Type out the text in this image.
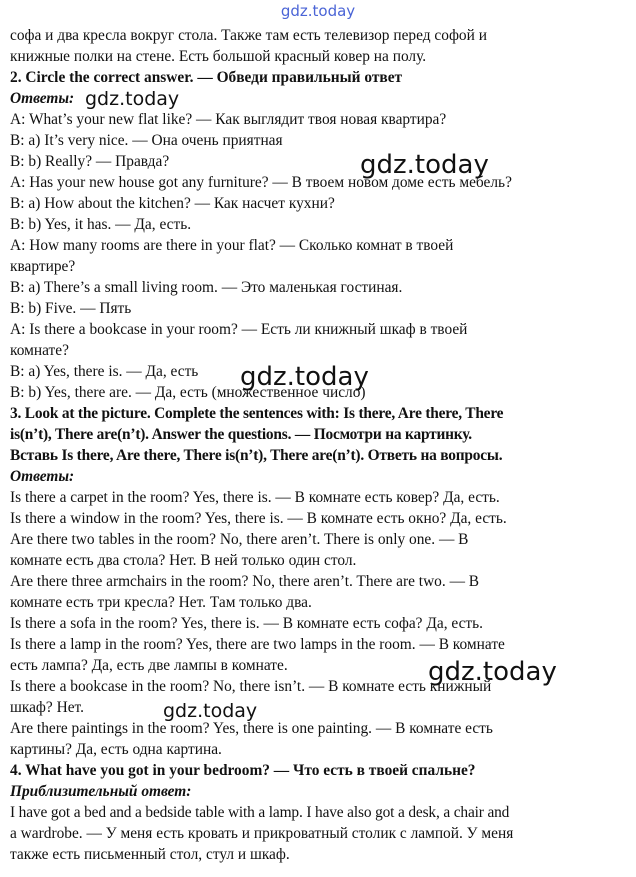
gdz.today
софа и два кресла вокруг стола. Также там есть телевизор перед софой и
книжные полки на стене. Есть большой красный ковер на полу.
2. Circle the correct answer. — Обведи правильный ответ
Ответы:
A: What’s your new flat like? — Как выглядит твоя новая квартира?
B: a) It’s very nice. — Она очень приятная
B: b) Really? — Правда?
A: Has your new house got any furniture? — В твоем новом доме есть мебель?
B: a) How about the kitchen? — Как насчет кухни?
B: b) Yes, it has. — Да, есть.
A: How many rooms are there in your flat? — Сколько комнат в твоей
квартире?
B: a) There’s a small living room. — Это маленькая гостиная.
B: b) Five. — Пять
A: Is there a bookcase in your room? — Есть ли книжный шкаф в твоей
комнате?
B: a) Yes, there is. — Да, есть
B: b) Yes, there are. — Да, есть (множественное число)
3. Look at the picture. Complete the sentences with: Is there, Are there, There
is(n’t), There are(n’t). Answer the questions. — Посмотри на картинку.
Вставь Is there, Are there, There is(n’t), There are(n’t). Ответь на вопросы.
Ответы:
Is there a carpet in the room? Yes, there is. — В комнате есть ковер? Да, есть.
Is there a window in the room? Yes, there is. — В комнате есть окно? Да, есть.
Are there two tables in the room? No, there aren’t. There is only one. — В
комнате есть два стола? Нет. В ней только один стол.
Are there three armchairs in the room? No, there aren’t. There are two. — В
комнате есть три кресла? Нет. Там только два.
Is there a sofa in the room? Yes, there is. — В комнате есть софа? Да, есть.
Is there a lamp in the room? Yes, there are two lamps in the room. — В комнате
есть лампа? Да, есть две лампы в комнате.
Is there a bookcase in the room? No, there isn’t. — В комнате есть книжный
шкаф? Нет.
Are there paintings in the room? Yes, there is one painting. — В комнате есть
картины? Да, есть одна картина.
4. What have you got in your bedroom? — Что есть в твоей спальне?
Приблизительный ответ:
I have got a bed and a bedside table with a lamp. I have also got a desk, a chair and
a wardrobe. — У меня есть кровать и прикроватный столик с лампой. У меня
также есть письменный стол, стул и шкаф.
gdz.today
gdz.today
gdz.today
gdz.today
gdz.today
